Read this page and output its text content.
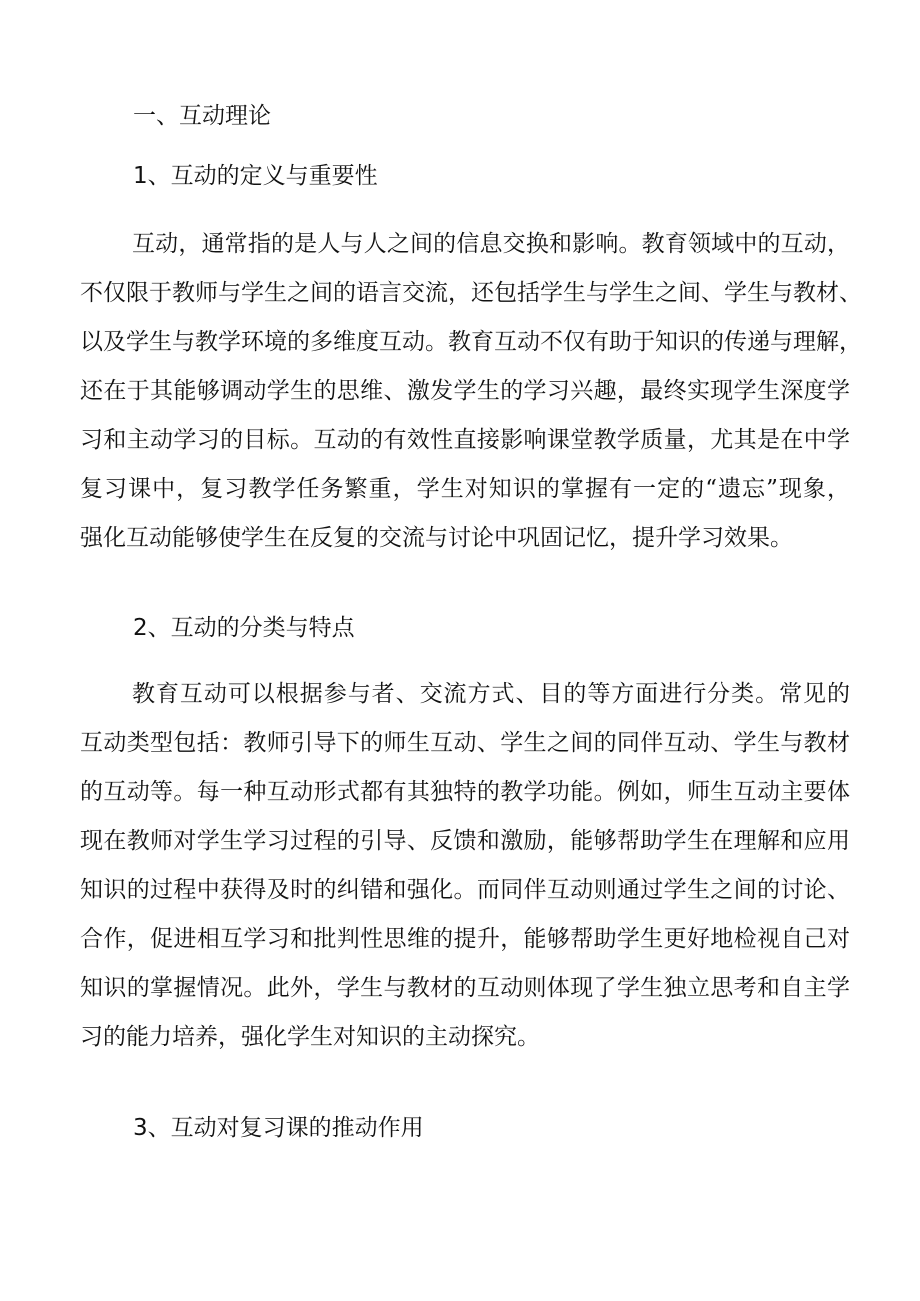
一、互动理论
1、互动的定义与重要性
互动，通常指的是人与人之间的信息交换和影响。教育领域中的互动，
不仅限于教师与学生之间的语言交流，还包括学生与学生之间、学生与教材、
以及学生与教学环境的多维度互动。教育互动不仅有助于知识的传递与理解，
还在于其能够调动学生的思维、激发学生的学习兴趣，最终实现学生深度学
习和主动学习的目标。互动的有效性直接影响课堂教学质量，尤其是在中学
复习课中，复习教学任务繁重，学生对知识的掌握有一定的“遗忘”现象，
强化互动能够使学生在反复的交流与讨论中巩固记忆，提升学习效果。
2、互动的分类与特点
教育互动可以根据参与者、交流方式、目的等方面进行分类。常见的
互动类型包括：教师引导下的师生互动、学生之间的同伴互动、学生与教材
的互动等。每一种互动形式都有其独特的教学功能。例如，师生互动主要体
现在教师对学生学习过程的引导、反馈和激励，能够帮助学生在理解和应用
知识的过程中获得及时的纠错和强化。而同伴互动则通过学生之间的讨论、
合作，促进相互学习和批判性思维的提升，能够帮助学生更好地检视自己对
知识的掌握情况。此外，学生与教材的互动则体现了学生独立思考和自主学
习的能力培养，强化学生对知识的主动探究。
3、互动对复习课的推动作用
